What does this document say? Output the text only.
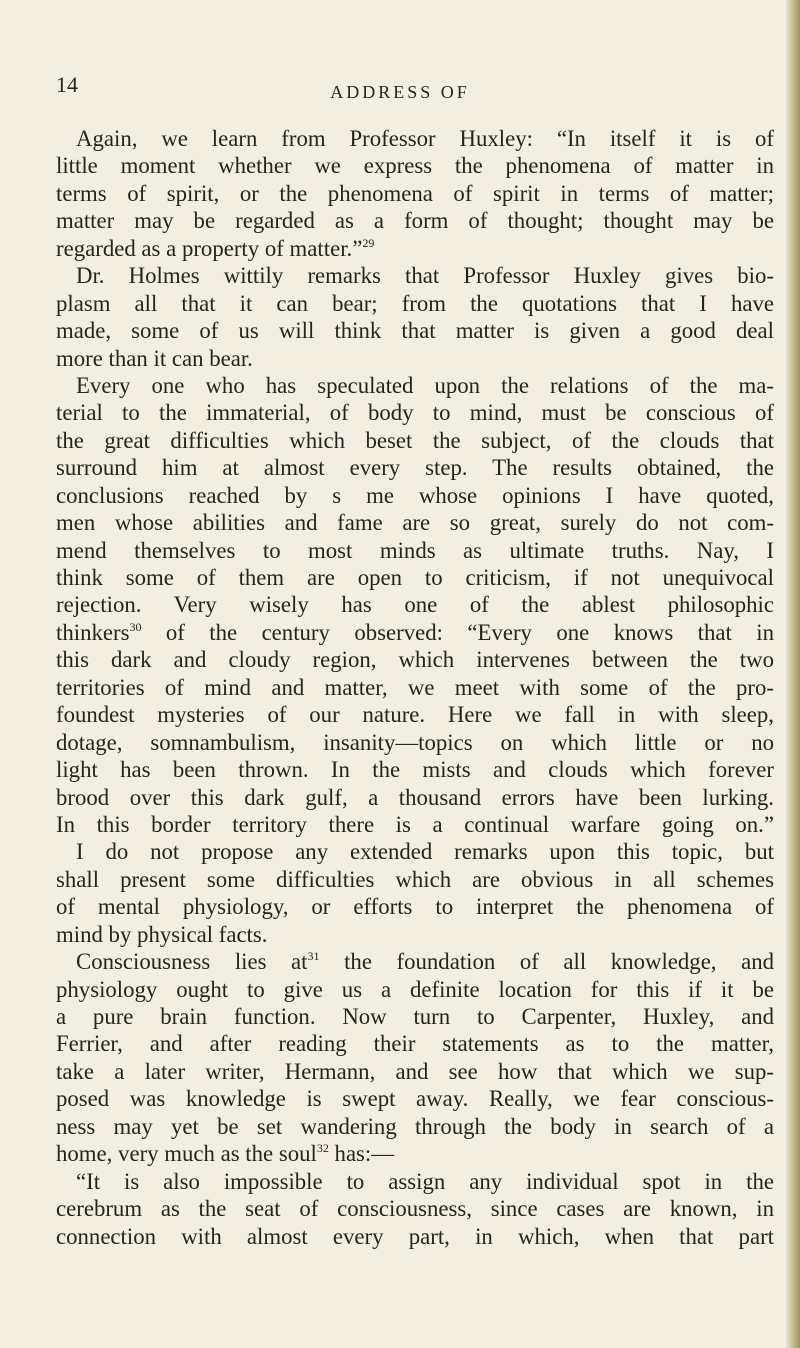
14	ADDRESS OF
Again, we learn from Professor Huxley: “In itself it is of
little moment whether we express the phenomena of matter in
terms of spirit, or the phenomena of spirit in terms of matter;
matter may be regarded as a form of thought; thought may be
regarded as a property of matter.”$^{29}$
Dr. Holmes wittily remarks that Professor Huxley gives bio-
plasm all that it can bear; from the quotations that I have
made, some of us will think that matter is given a good deal
more than it can bear.
Every one who has speculated upon the relations of the ma-
terial to the immaterial, of body to mind, must be conscious of
the great difficulties which beset the subject, of the clouds that
surround him at almost every step. The results obtained, the
conclusions reached by s me whose opinions I have quoted,
men whose abilities and fame are so great, surely do not com-
mend themselves to most minds as ultimate truths. Nay, I
think some of them are open to criticism, if not unequivocal
rejection. Very wisely has one of the ablest philosophic
thinkers$^{30}$ of the century observed: “Every one knows that in
this dark and cloudy region, which intervenes between the two
territories of mind and matter, we meet with some of the pro-
foundest mysteries of our nature. Here we fall in with sleep,
dotage, somnambulism, insanity—topics on which little or no
light has been thrown. In the mists and clouds which forever
brood over this dark gulf, a thousand errors have been lurking.
In this border territory there is a continual warfare going on.”
I do not propose any extended remarks upon this topic, but
shall present some difficulties which are obvious in all schemes
of mental physiology, or efforts to interpret the phenomena of
mind by physical facts.
Consciousness lies $at^{31}$ the foundation of all knowledge, and
physiology ought to give us a definite location for this if it be
a pure brain function. Now turn to Carpenter, Huxley, and
Ferrier, and after reading their statements as to the matter,
take a later writer, Hermann, and see how that which we sup-
posed was knowledge is swept away. Really, we fear conscious-
ness may yet be set wandering through the body in search of a
home, very much as the soul$^{32}$ has:—
“It is also impossible to assign any individual spot in the
cerebrum as the seat of consciousness, since cases are known, in
connection with almost every part, in which, when that part
